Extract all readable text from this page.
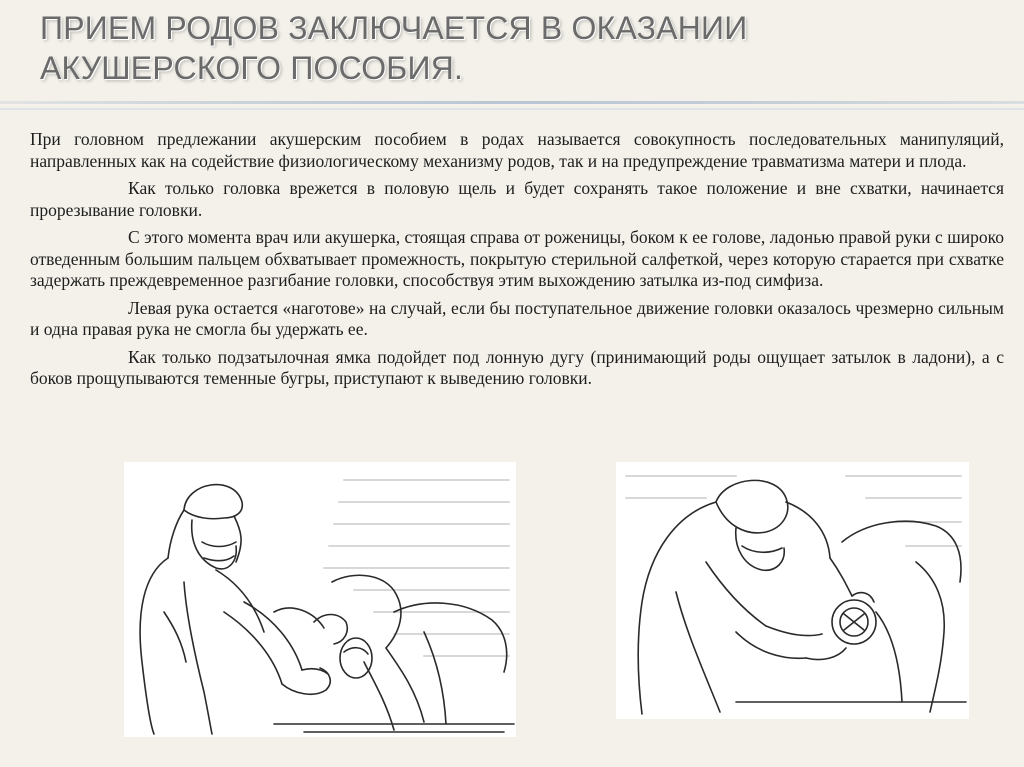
ПРИЕМ РОДОВ ЗАКЛЮЧАЕТСЯ В ОКАЗАНИИ АКУШЕРСКОГО ПОСОБИЯ.

При головном предлежании акушерским пособием в родах называется совокупность последовательных манипуляций, направленных как на содействие физиологическому механизму родов, так и на предупреждение травматизма матери и плода.

Как только головка врежется в половую щель и будет сохранять такое положение и вне схватки, начинается прорезывание головки.

С этого момента врач или акушерка, стоящая справа от роженицы, боком к ее голове, ладонью правой руки с широко отведенным большим пальцем обхватывает промежность, покрытую стерильной салфеткой, через которую старается при схватке задержать преждевременное разгибание головки, способствуя этим выхождению затылка из-под симфиза.

Левая рука остается «наготове» на случай, если бы поступательное движение головки оказалось чрезмерно сильным и одна правая рука не смогла бы удержать ее.

Как только подзатылочная ямка подойдет под лонную дугу (принимающий роды ощущает затылок в ладони), а с боков прощупываются теменные бугры, приступают к выведению головки.
